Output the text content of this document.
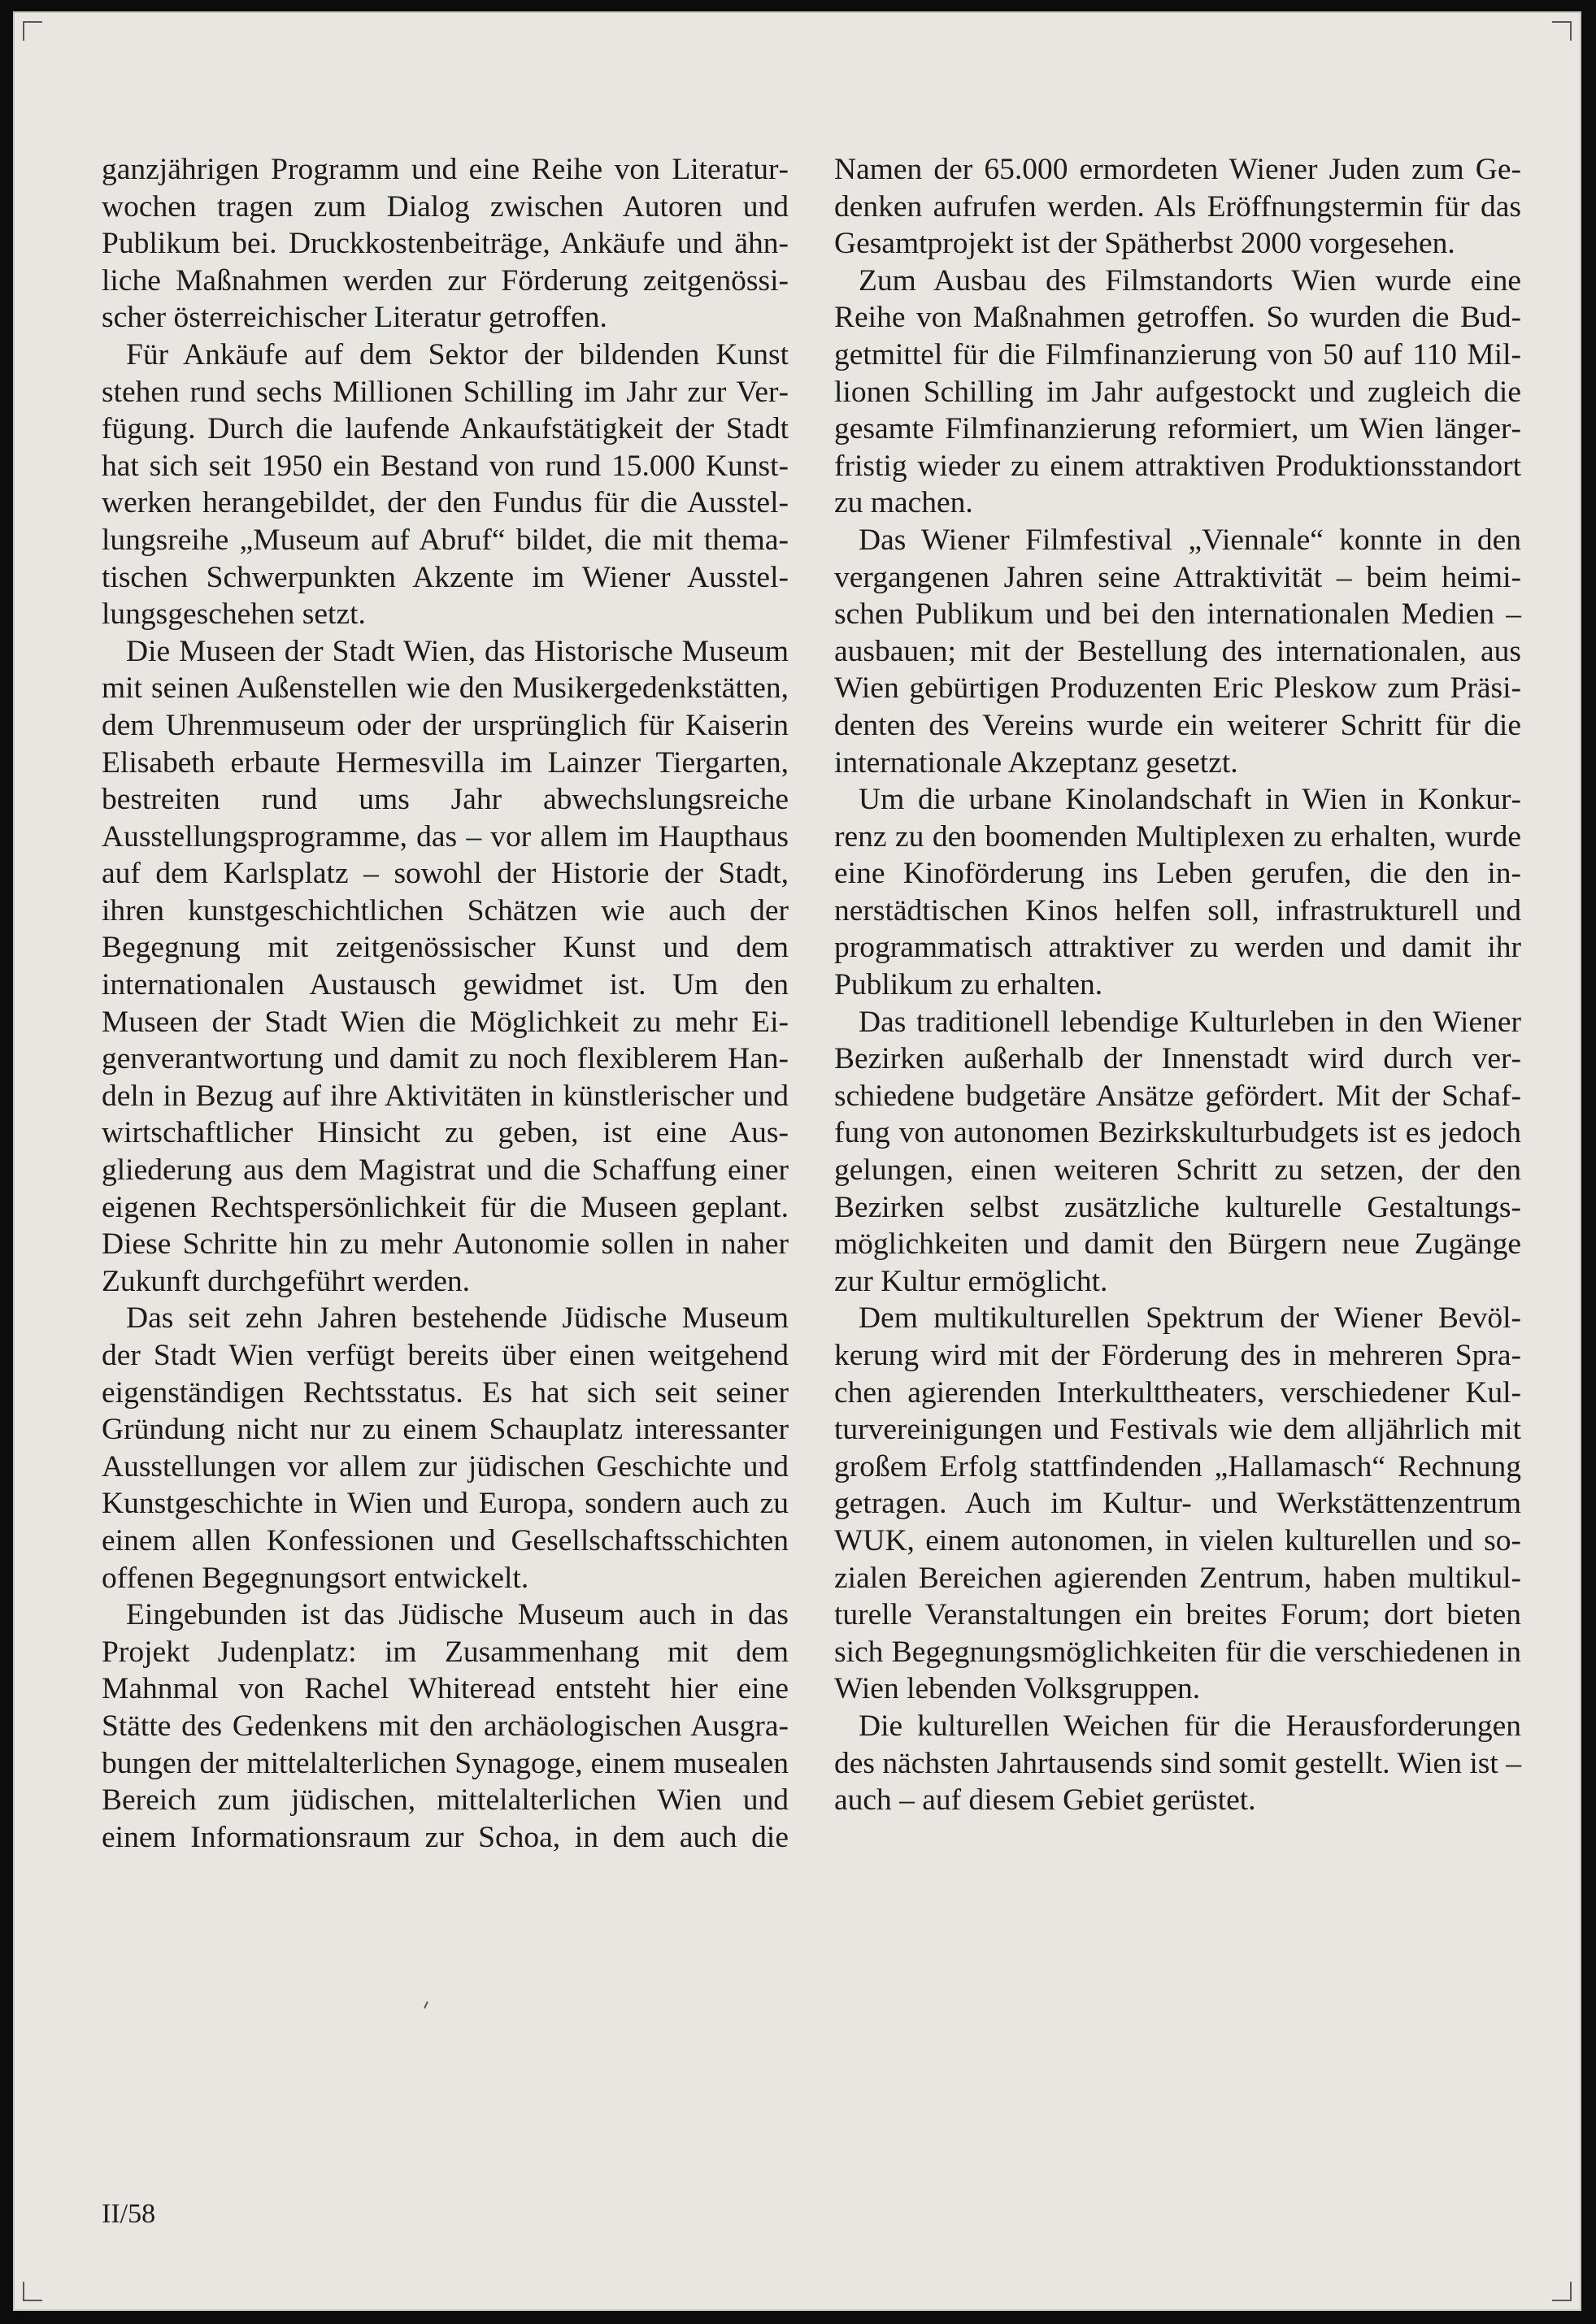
ganzjährigen Programm und eine Reihe von Literaturwochen tragen zum Dialog zwischen Autoren und Publikum bei. Druckkostenbeiträge, Ankäufe und ähnliche Maßnahmen werden zur Förderung zeitgenössischer österreichischer Literatur getroffen.

Für Ankäufe auf dem Sektor der bildenden Kunst stehen rund sechs Millionen Schilling im Jahr zur Verfügung. Durch die laufende Ankaufstätigkeit der Stadt hat sich seit 1950 ein Bestand von rund 15.000 Kunstwerken herangebildet, der den Fundus für die Ausstellungsreihe „Museum auf Abruf“ bildet, die mit thematischen Schwerpunkten Akzente im Wiener Ausstellungsgeschehen setzt.

Die Museen der Stadt Wien, das Historische Museum mit seinen Außenstellen wie den Musikergedenkstätten, dem Uhrenmuseum oder der ursprünglich für Kaiserin Elisabeth erbaute Hermesvilla im Lainzer Tiergarten, bestreiten rund ums Jahr abwechslungsreiche Ausstellungsprogramme, das – vor allem im Haupthaus auf dem Karlsplatz – sowohl der Historie der Stadt, ihren kunstgeschichtlichen Schätzen wie auch der Begegnung mit zeitgenössischer Kunst und dem internationalen Austausch gewidmet ist. Um den Museen der Stadt Wien die Möglichkeit zu mehr Eigenverantwortung und damit zu noch flexiblerem Handeln in Bezug auf ihre Aktivitäten in künstlerischer und wirtschaftlicher Hinsicht zu geben, ist eine Ausgliederung aus dem Magistrat und die Schaffung einer eigenen Rechtspersönlichkeit für die Museen geplant. Diese Schritte hin zu mehr Autonomie sollen in naher Zukunft durchgeführt werden.

Das seit zehn Jahren bestehende Jüdische Museum der Stadt Wien verfügt bereits über einen weitgehend eigenständigen Rechtsstatus. Es hat sich seit seiner Gründung nicht nur zu einem Schauplatz interessanter Ausstellungen vor allem zur jüdischen Geschichte und Kunstgeschichte in Wien und Europa, sondern auch zu einem allen Konfessionen und Gesellschaftsschichten offenen Begegnungsort entwickelt.

Eingebunden ist das Jüdische Museum auch in das Projekt Judenplatz: im Zusammenhang mit dem Mahnmal von Rachel Whiteread entsteht hier eine Stätte des Gedenkens mit den archäologischen Ausgrabungen der mittelalterlichen Synagoge, einem musealen Bereich zum jüdischen, mittelalterlichen Wien und einem Informationsraum zur Schoa, in dem auch die

Namen der 65.000 ermordeten Wiener Juden zum Gedenken aufrufen werden. Als Eröffnungstermin für das Gesamtprojekt ist der Spätherbst 2000 vorgesehen.

Zum Ausbau des Filmstandorts Wien wurde eine Reihe von Maßnahmen getroffen. So wurden die Budgetmittel für die Filmfinanzierung von 50 auf 110 Millionen Schilling im Jahr aufgestockt und zugleich die gesamte Filmfinanzierung reformiert, um Wien längerfristig wieder zu einem attraktiven Produktionsstandort zu machen.

Das Wiener Filmfestival „Viennale“ konnte in den vergangenen Jahren seine Attraktivität – beim heimischen Publikum und bei den internationalen Medien – ausbauen; mit der Bestellung des internationalen, aus Wien gebürtigen Produzenten Eric Pleskow zum Präsidenten des Vereins wurde ein weiterer Schritt für die internationale Akzeptanz gesetzt.

Um die urbane Kinolandschaft in Wien in Konkurrenz zu den boomenden Multiplexen zu erhalten, wurde eine Kinoförderung ins Leben gerufen, die den innerstädtischen Kinos helfen soll, infrastrukturell und programmatisch attraktiver zu werden und damit ihr Publikum zu erhalten.

Das traditionell lebendige Kulturleben in den Wiener Bezirken außerhalb der Innenstadt wird durch verschiedene budgetäre Ansätze gefördert. Mit der Schaffung von autonomen Bezirkskulturbudgets ist es jedoch gelungen, einen weiteren Schritt zu setzen, der den Bezirken selbst zusätzliche kulturelle Gestaltungsmöglichkeiten und damit den Bürgern neue Zugänge zur Kultur ermöglicht.

Dem multikulturellen Spektrum der Wiener Bevölkerung wird mit der Förderung des in mehreren Sprachen agierenden Interkulttheaters, verschiedener Kulturvereinigungen und Festivals wie dem alljährlich mit großem Erfolg stattfindenden „Hallamasch“ Rechnung getragen. Auch im Kultur- und Werkstättenzentrum WUK, einem autonomen, in vielen kulturellen und sozialen Bereichen agierenden Zentrum, haben multikulturelle Veranstaltungen ein breites Forum; dort bieten sich Begegnungsmöglichkeiten für die verschiedenen in Wien lebenden Volksgruppen.

Die kulturellen Weichen für die Herausforderungen des nächsten Jahrtausends sind somit gestellt. Wien ist – auch – auf diesem Gebiet gerüstet.

II/58
